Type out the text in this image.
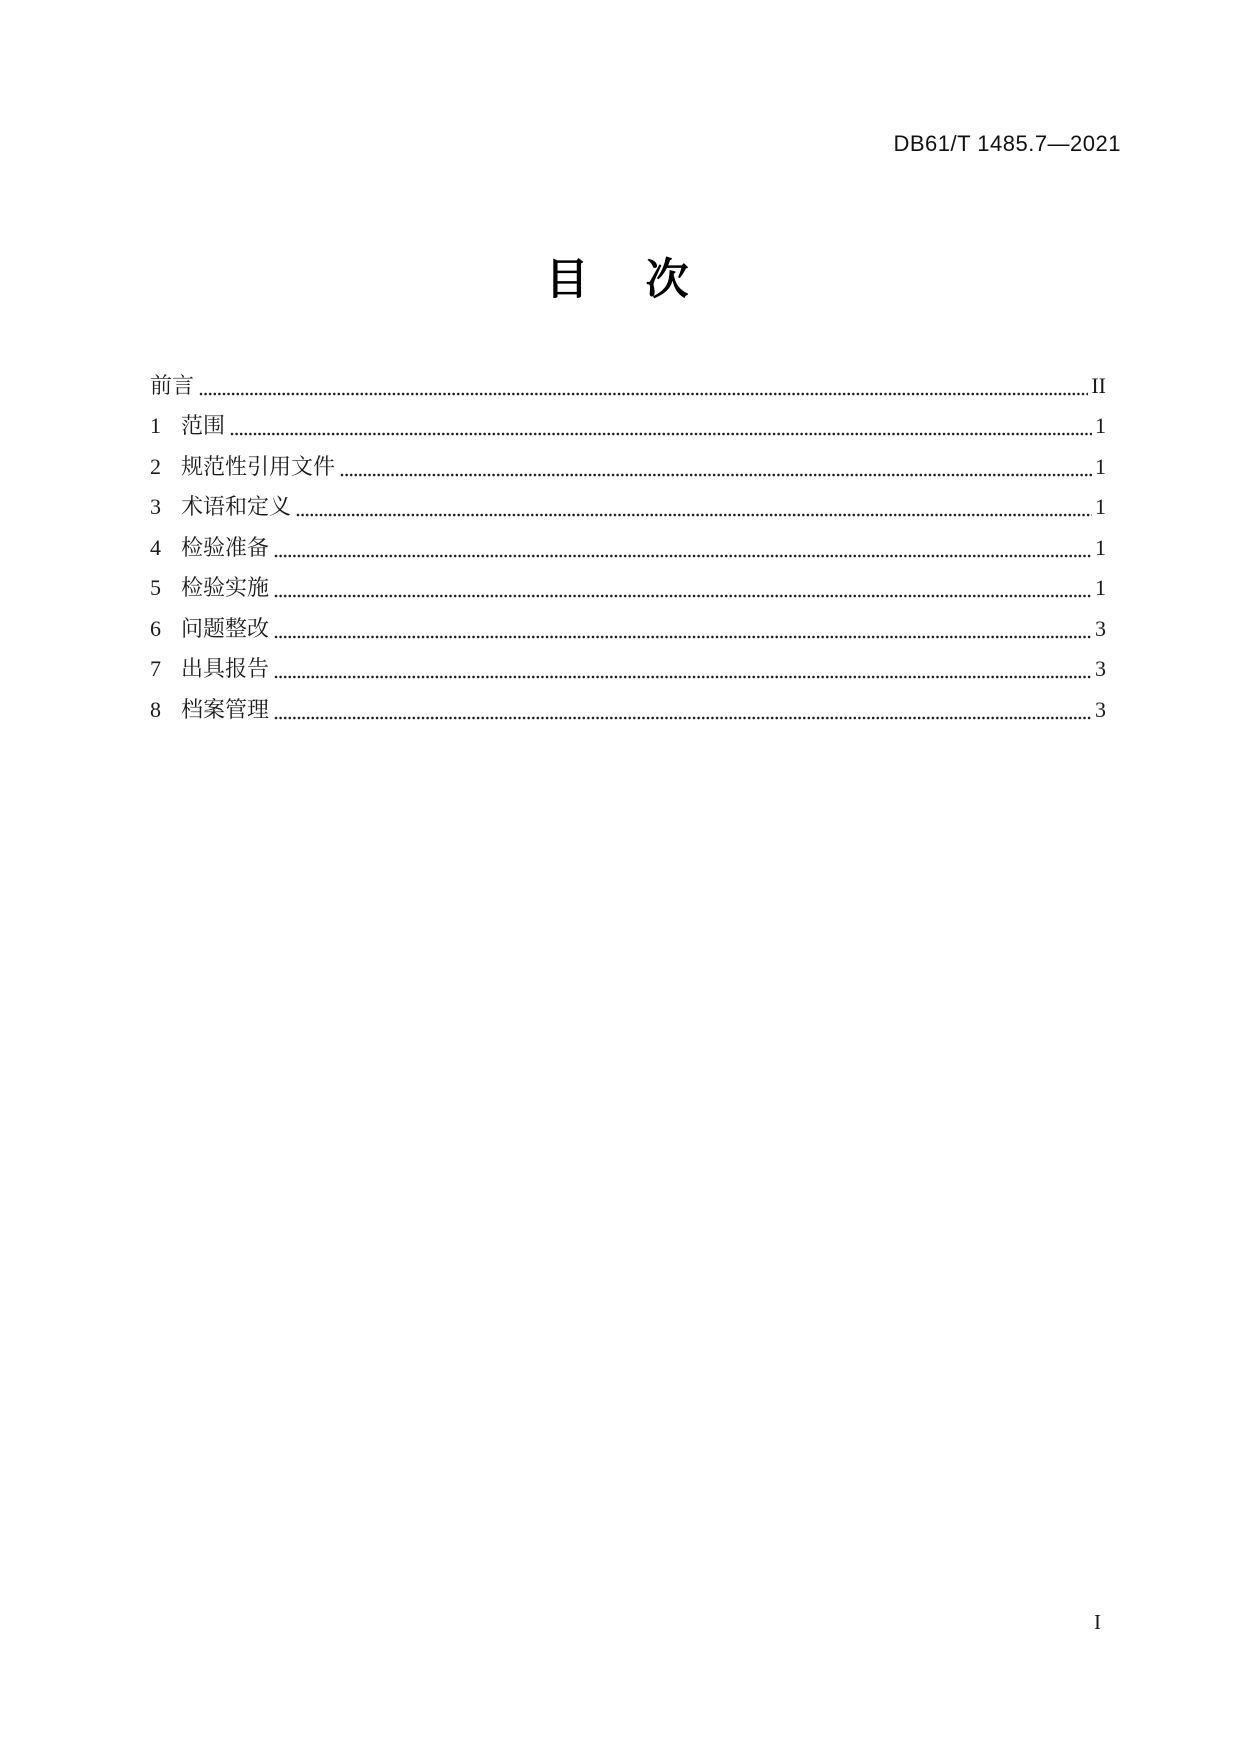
DB61/T 1485.7—2021
目　次
前言	II
1 范围	1
2 规范性引用文件	1
3 术语和定义	1
4 检验准备	1
5 检验实施	1
6 问题整改	3
7 出具报告	3
8 档案管理	3
I
